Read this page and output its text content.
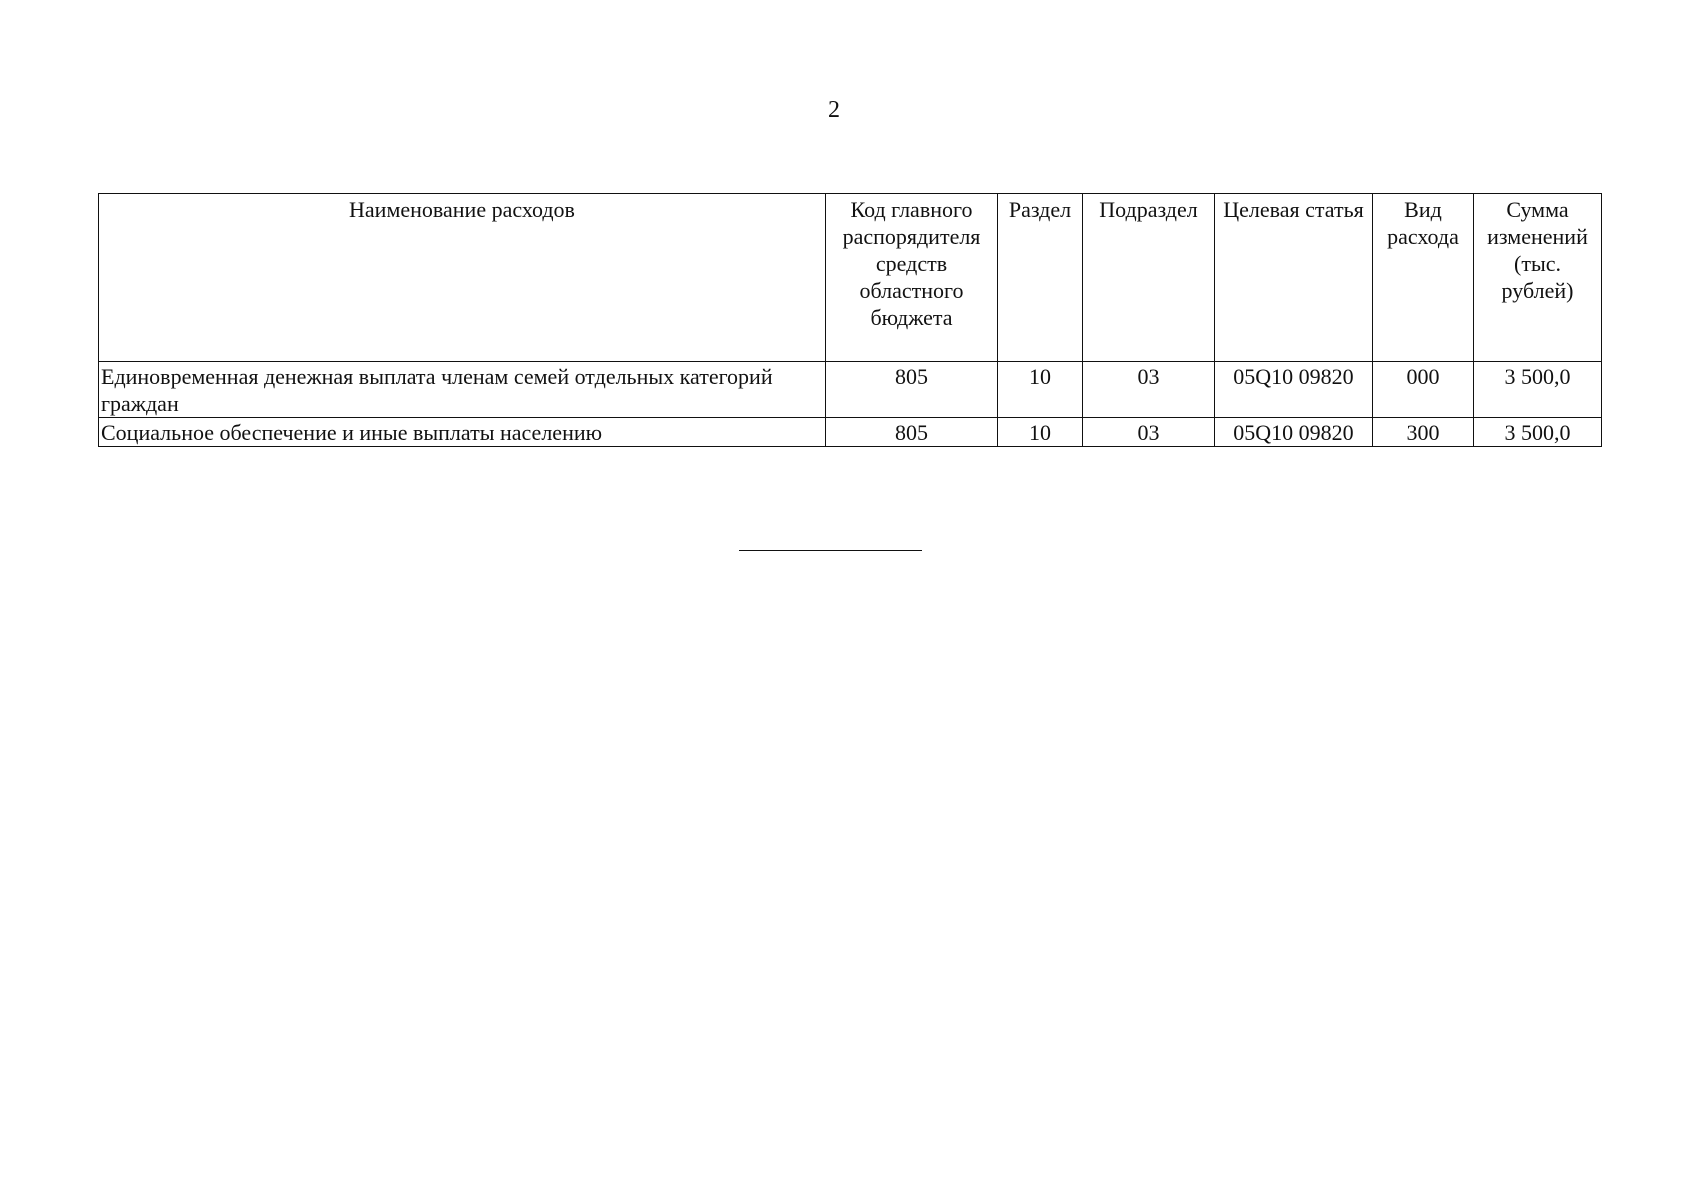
2
Наименование расходов	Код главного распорядителя средств областного бюджета	Раздел	Подраздел	Целевая статья	Вид расхода	Сумма изменений (тыс. рублей)
Единовременная денежная выплата членам семей отдельных категорий граждан	805	10	03	05Q10 09820	000	3 500,0
Социальное обеспечение и иные выплаты населению	805	10	03	05Q10 09820	300	3 500,0
